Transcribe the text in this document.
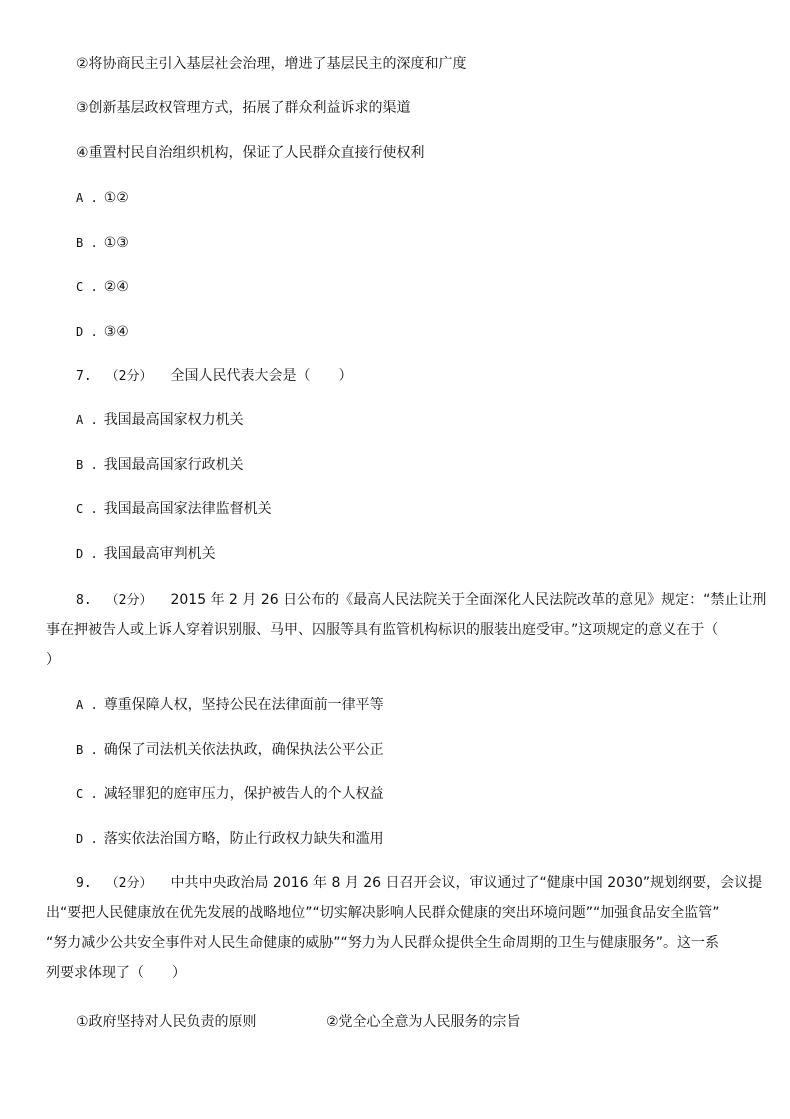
②将协商民主引入基层社会治理，增进了基层民主的深度和广度
③创新基层政权管理方式，拓展了群众利益诉求的渠道
④重置村民自治组织机构，保证了人民群众直接行使权利
A . ①②
B . ①③
C . ②④
D . ③④
7. （2分） 全国人民代表大会是（　　）
A . 我国最高国家权力机关
B . 我国最高国家行政机关
C . 我国最高国家法律监督机关
D . 我国最高审判机关
8. （2分） 2015 年 2 月 26 日公布的《最高人民法院关于全面深化人民法院改革的意见》规定：“禁止让刑
事在押被告人或上诉人穿着识别服、马甲、囚服等具有监管机构标识的服装出庭受审。”这项规定的意义在于（
）
A . 尊重保障人权，坚持公民在法律面前一律平等
B . 确保了司法机关依法执政，确保执法公平公正
C . 减轻罪犯的庭审压力，保护被告人的个人权益
D . 落实依法治国方略，防止行政权力缺失和滥用
9. （2分） 中共中央政治局 2016 年 8 月 26 日召开会议，审议通过了“健康中国 2030”规划纲要，会议提
出“要把人民健康放在优先发展的战略地位”“切实解决影响人民群众健康的突出环境问题”“加强食品安全监管”
“努力减少公共安全事件对人民生命健康的威胁”“努力为人民群众提供全生命周期的卫生与健康服务”。这一系
列要求体现了（　　）
①政府坚持对人民负责的原则	②党全心全意为人民服务的宗旨
